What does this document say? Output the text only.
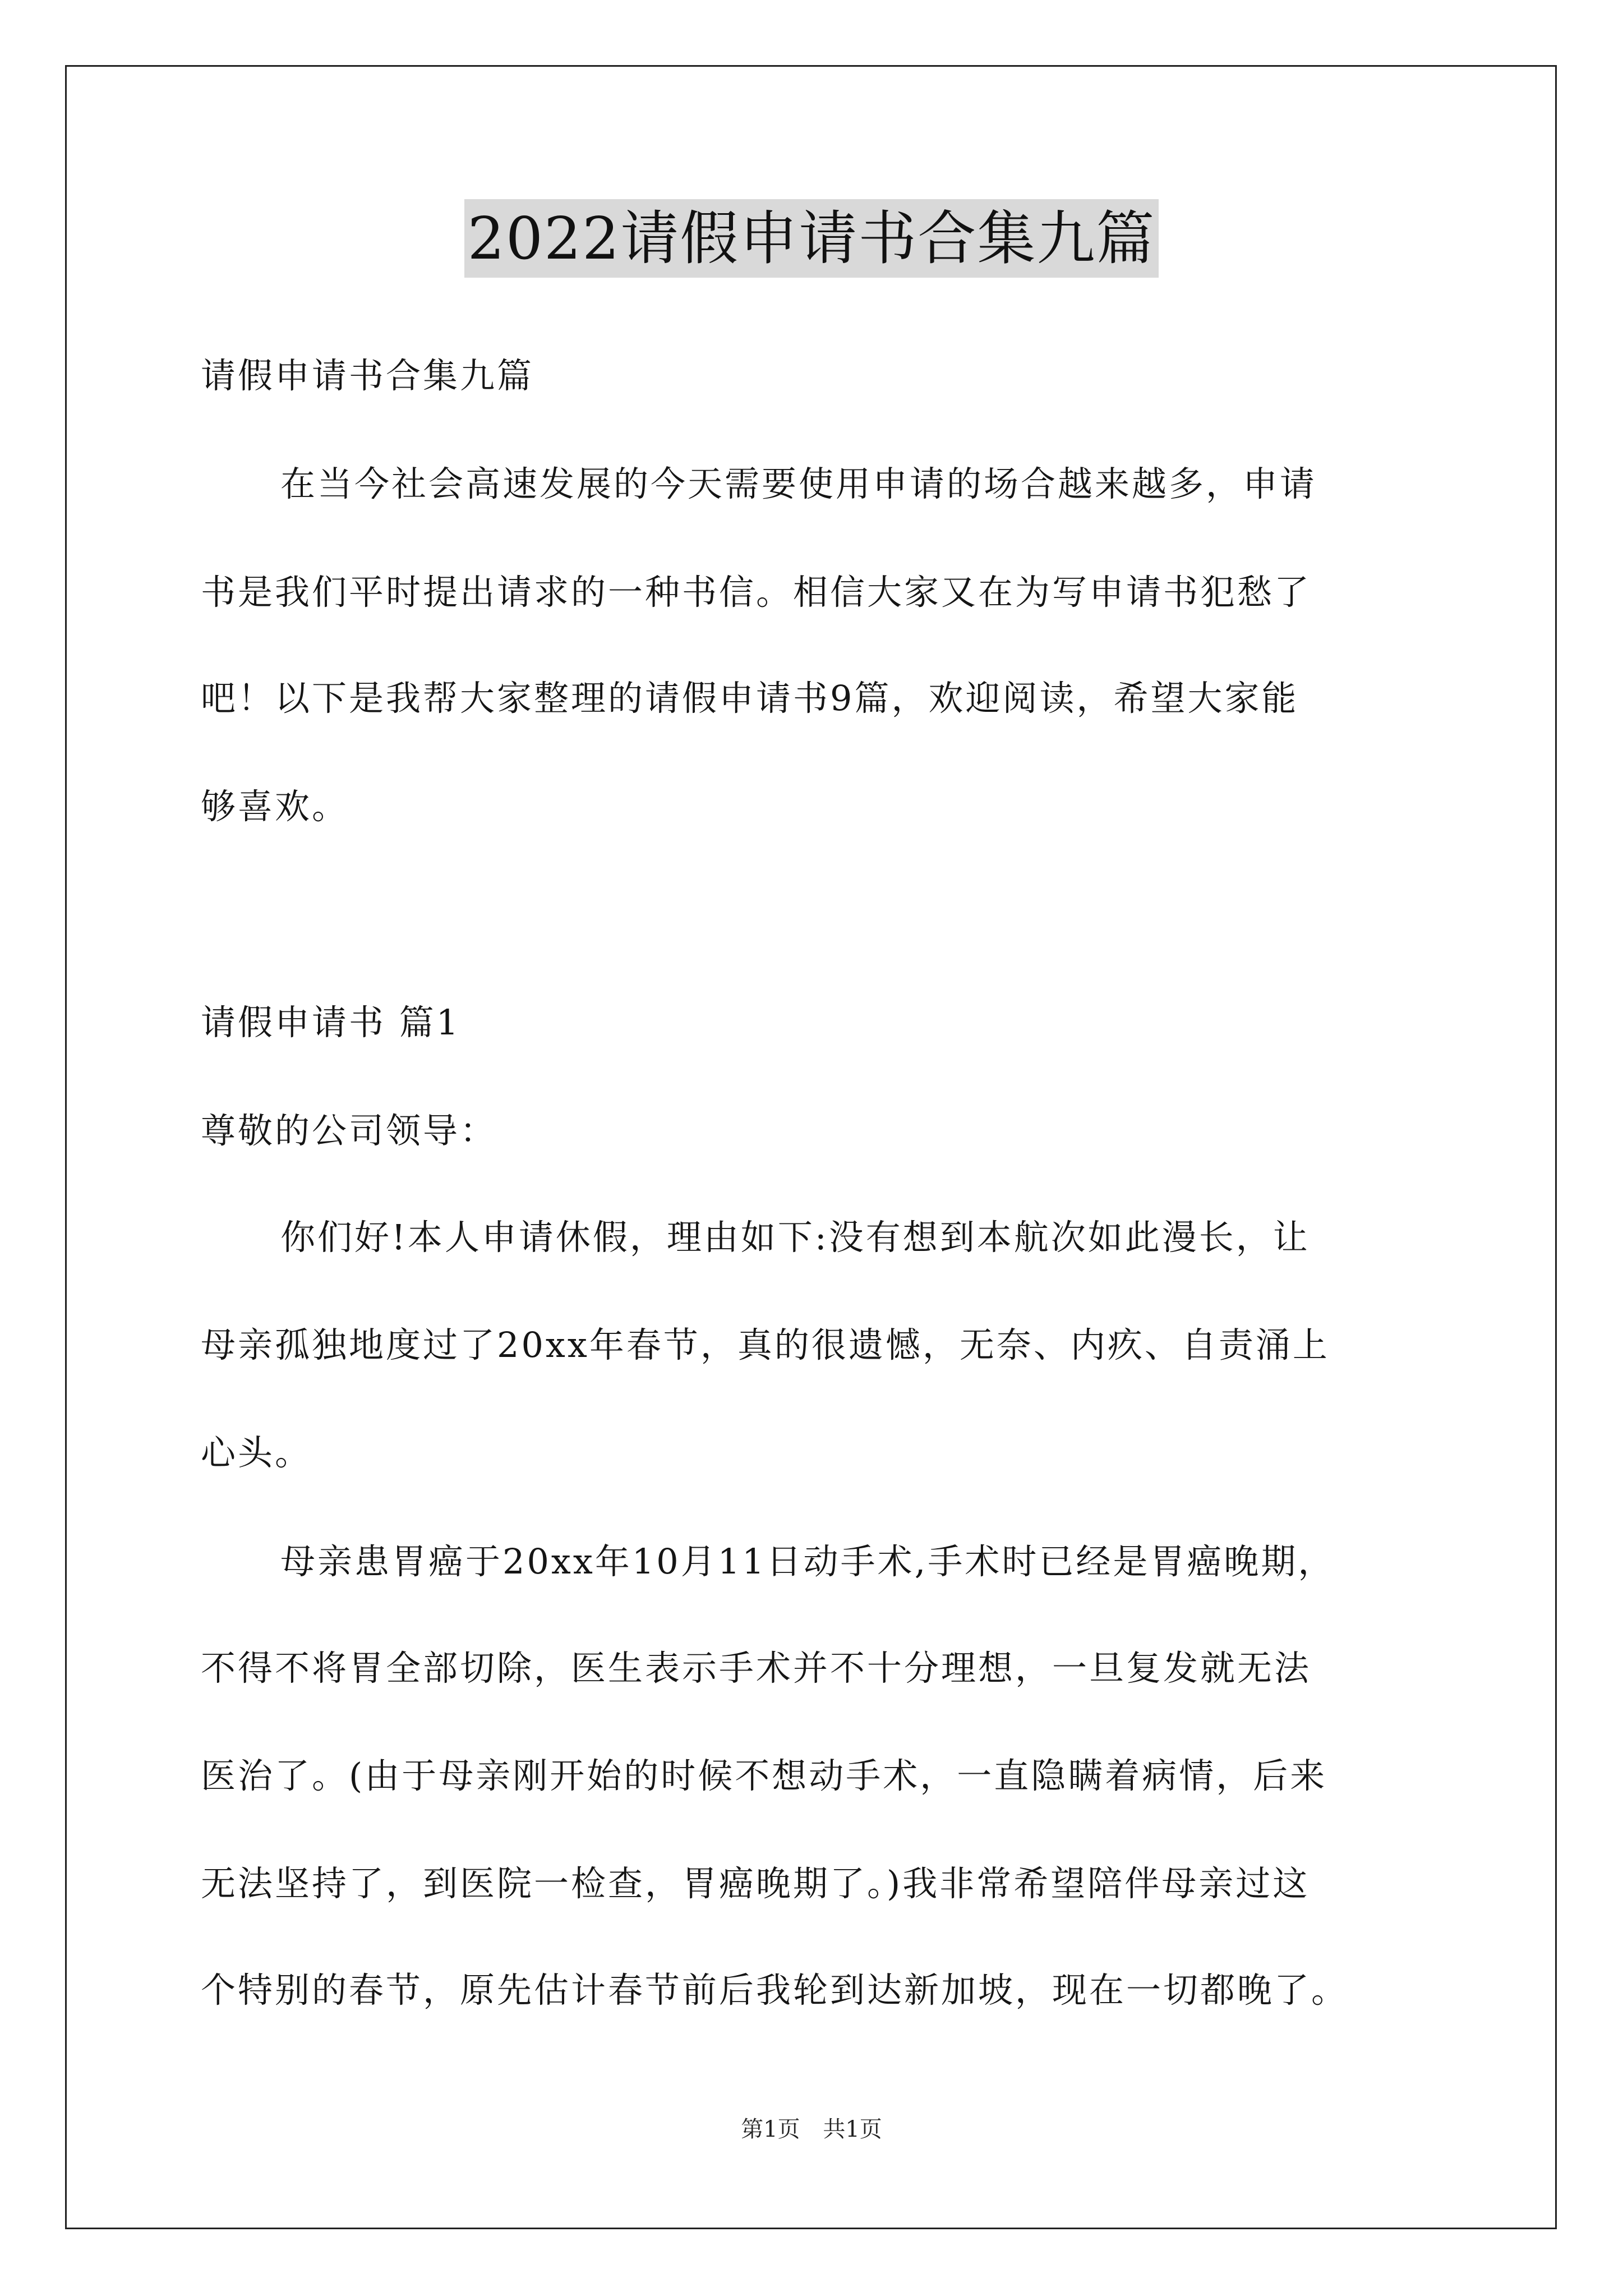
2022请假申请书合集九篇
请假申请书合集九篇
在当今社会高速发展的今天需要使用申请的场合越来越多，申请
书是我们平时提出请求的一种书信。相信大家又在为写申请书犯愁了
吧！以下是我帮大家整理的请假申请书9篇，欢迎阅读，希望大家能
够喜欢。
请假申请书 篇1
尊敬的公司领导：
你们好!本人申请休假，理由如下:没有想到本航次如此漫长，让
母亲孤独地度过了20xx年春节，真的很遗憾，无奈、内疚、自责涌上
心头。
母亲患胃癌于20xx年10月11日动手术,手术时已经是胃癌晚期，
不得不将胃全部切除，医生表示手术并不十分理想，一旦复发就无法
医治了。(由于母亲刚开始的时候不想动手术，一直隐瞒着病情，后来
无法坚持了，到医院一检查，胃癌晚期了。)我非常希望陪伴母亲过这
个特别的春节，原先估计春节前后我轮到达新加坡，现在一切都晚了。
第1页 共1页
